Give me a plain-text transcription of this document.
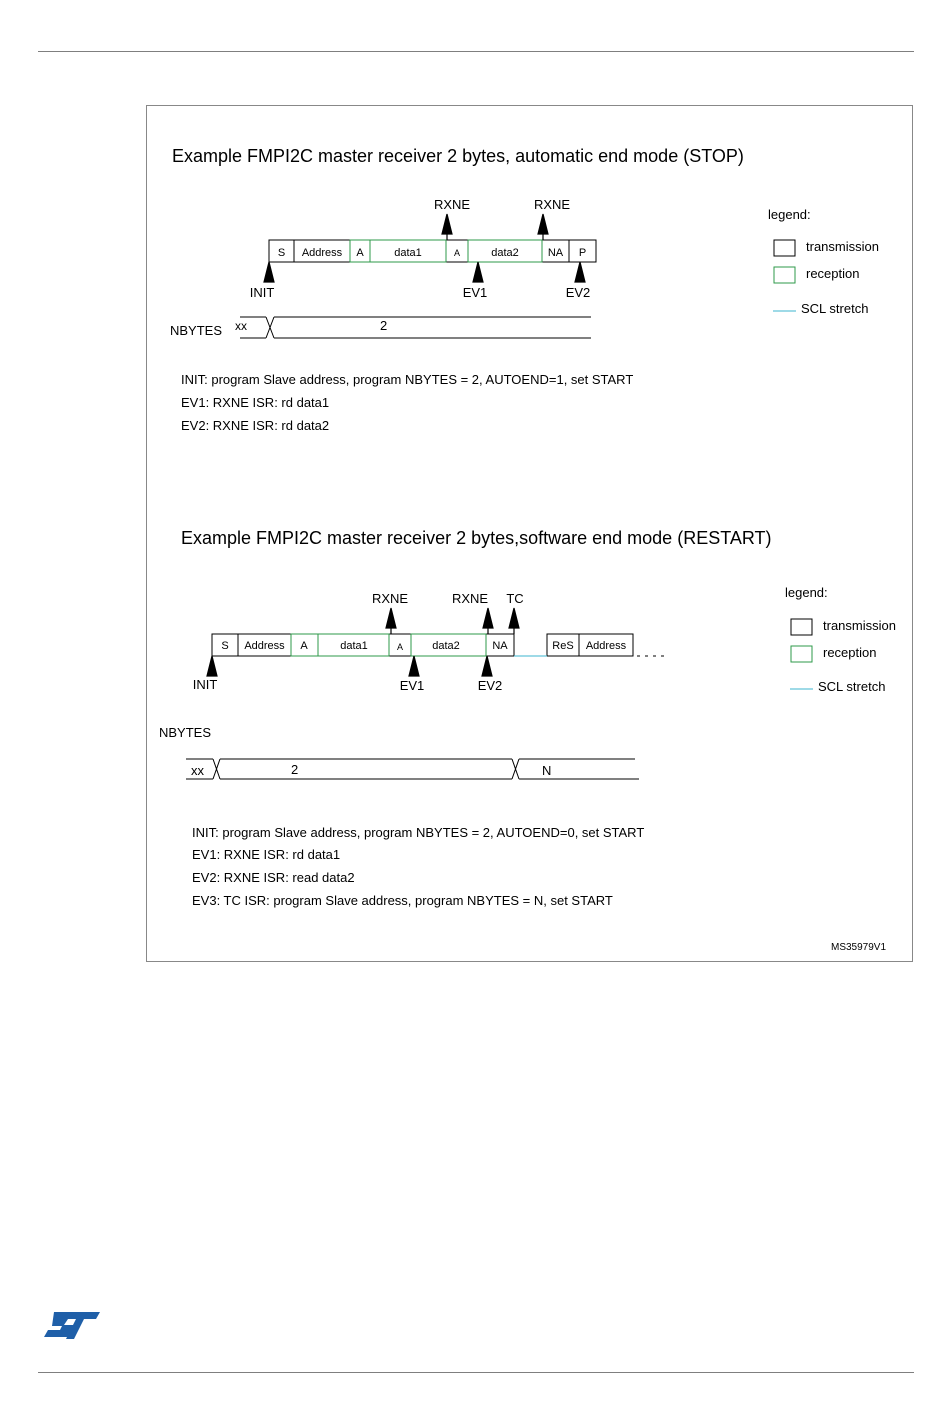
Example FMPI2C master receiver 2 bytes, automatic end mode (STOP)
S Address A	data1	A	data2	NA P
RXNE	RXNE
INIT	EV1	EV2
NBYTES xx	2
INIT: program Slave address, program NBYTES = 2, AUTOEND=1, set START
EV1: RXNE ISR: rd data1
EV2: RXNE ISR: rd data2
legend:
transmission
reception
SCL stretch
Example FMPI2C master receiver 2 bytes,software end mode (RESTART)
S Address A	data1	A	data2	NA	ReS Address
RXNE	RXNE TC
INIT	EV1	EV2
NBYTES
xx	2	N
INIT: program Slave address, program NBYTES = 2, AUTOEND=0, set START
EV1: RXNE ISR: rd data1
EV2: RXNE ISR: read data2
EV3: TC ISR: program Slave address, program NBYTES = N, set START
legend:
transmission
reception
SCL stretch
MS35979V1
